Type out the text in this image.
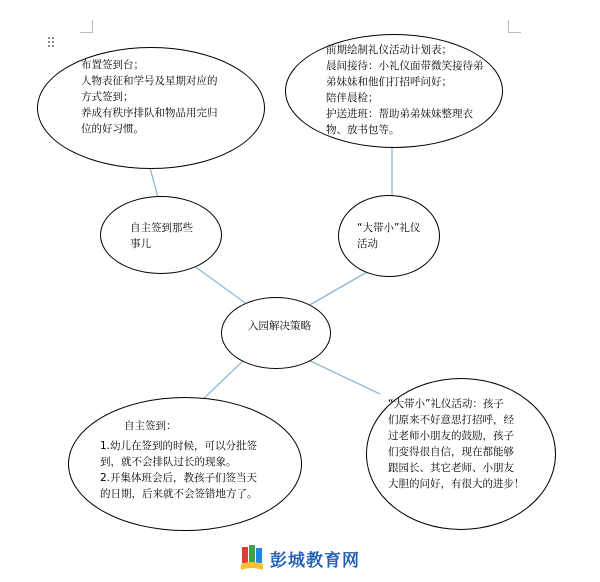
布置签到台；
人物表征和学号及星期对应的
方式签到；
养成有秩序排队和物品用完归
位的好习惯。
前期绘制礼仪活动计划表；
晨间接待：小礼仪面带微笑接待弟
弟妹妹和他们打招呼问好；
陪伴晨检；
护送进班：帮助弟弟妹妹整理衣
物、放书包等。
自主签到那些
事儿
“大带小”礼仪
活动
入园解决策略
自主签到：
1.幼儿在签到的时候，可以分批签
到，就不会排队过长的现象。
2.开集体班会后，教孩子们签当天
的日期，后来就不会签错地方了。
“大带小”礼仪活动：孩子
们原来不好意思打招呼，经
过老师小朋友的鼓励，孩子
们变得很自信，现在都能够
跟园长、其它老师、小朋友
大胆的问好，有很大的进步！
彭城教育网
